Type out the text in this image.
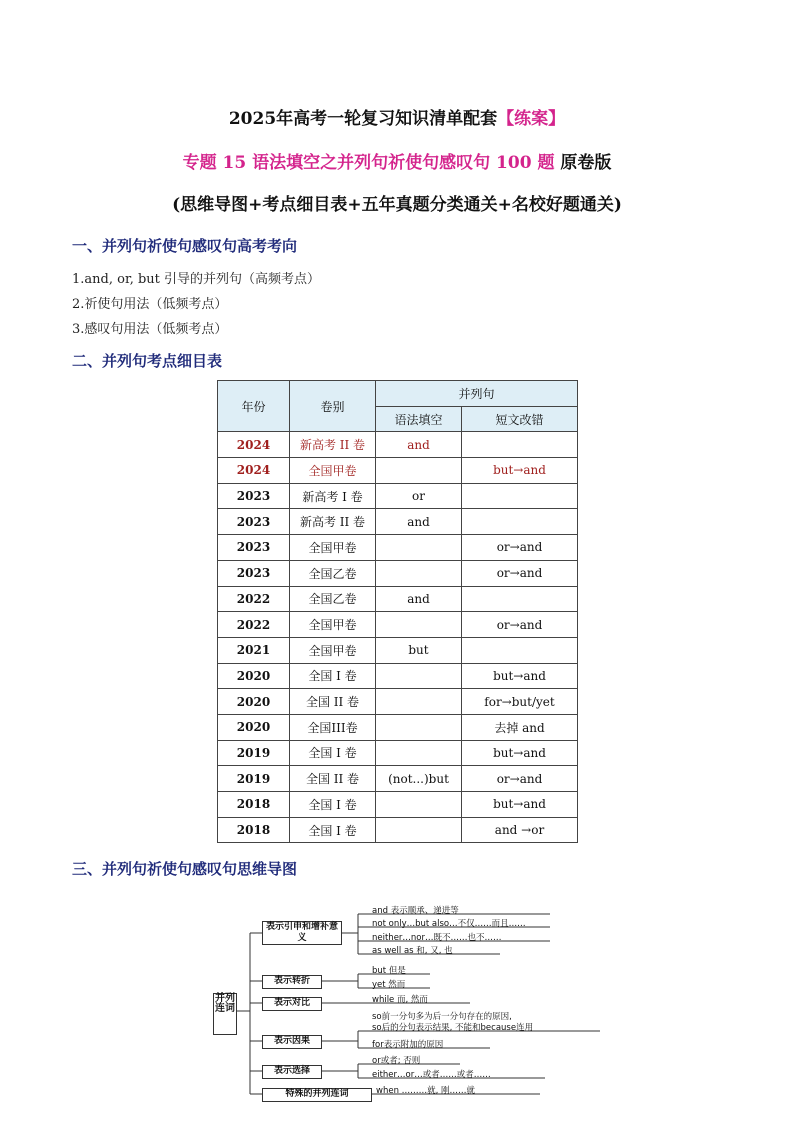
2025年高考一轮复习知识清单配套【练案】
专题 15 语法填空之并列句祈使句感叹句 100 题 原卷版
(思维导图+考点细目表+五年真题分类通关+名校好题通关)
一、并列句祈使句感叹句高考考向
1.and, or, but 引导的并列句（高频考点）
2.祈使句用法（低频考点）
3.感叹句用法（低频考点）
二、并列句考点细目表
年份	卷别	并列句	
		语法填空	短文改错
2024	新高考 II 卷	and	
2024	全国甲卷		but→and
2023	新高考 I 卷	or	
2023	新高考 II 卷	and	
2023	全国甲卷		or→and
2023	全国乙卷		or→and
2022	全国乙卷	and	
2022	全国甲卷		or→and
2021	全国甲卷	but	
2020	全国 I 卷		but→and
2020	全国 II 卷		for→but/yet
2020	全国III卷		去掉 and
2019	全国 I 卷		but→and
2019	全国 II 卷	(not...)but	or→and
2018	全国 I 卷		but→and
2018	全国 I 卷		and →or
三、并列句祈使句感叹句思维导图
并列连词
表示引申和增补意义
表示转折
表示对比
表示因果
表示选择
特殊的并列连词
and 表示顺承、递进等
not only…but also…不仅……而且……
neither…nor…既不……也不……
as well as 和, 又, 也
but 但是
yet 然而
while 而, 然而
so前一分句多为后一分句存在的原因,
so后的分句表示结果, 不能和because连用
for表示附加的原因
or或者; 否则
either…or…或者……或者……
when ………就, 刚……就
